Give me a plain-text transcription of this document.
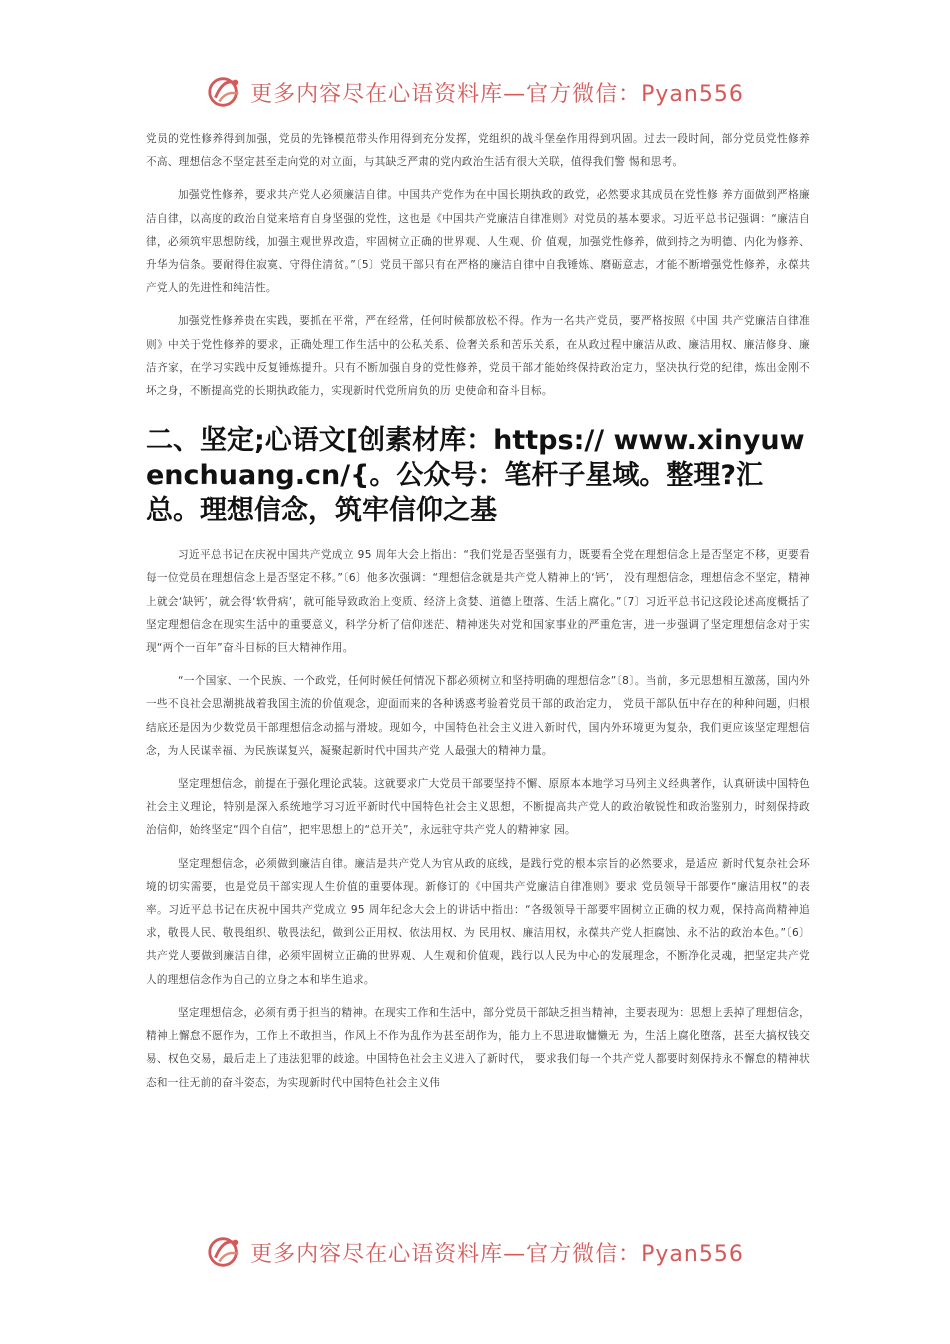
更多内容尽在心语资料库—官方微信：Pyan556

党员的党性修养得到加强，党员的先锋模范带头作用得到充分发挥，党组织的战斗堡垒作用得到巩固。过去一段时间，部分党员党性修养不高、理想信念不坚定甚至走向党的对立面，与其缺乏严肃的党内政治生活有很大关联，值得我们警 惕和思考。

加强党性修养，要求共产党人必须廉洁自律。中国共产党作为在中国长期执政的政党，必然要求其成员在党性修 养方面做到严格廉洁自律，以高度的政治自觉来培育自身坚强的党性，这也是《中国共产党廉洁自律准则》对党员的基本要求。习近平总书记强调：“廉洁自律，必须筑牢思想防线，加强主观世界改造，牢固树立正确的世界观、人生观、价 值观，加强党性修养，做到持之为明德、内化为修养、升华为信条。要耐得住寂寞、守得住清贫。”〔5〕党员干部只有在严格的廉洁自律中自我锤炼、磨砺意志，才能不断增强党性修养，永葆共产党人的先进性和纯洁性。

加强党性修养贵在实践，要抓在平常，严在经常，任何时候都放松不得。作为一名共产党员，要严格按照《中国 共产党廉洁自律准则》中关于党性修养的要求，正确处理工作生活中的公私关系、俭奢关系和苦乐关系，在从政过程中廉洁从政、廉洁用权、廉洁修身、廉洁齐家，在学习实践中反复锤炼提升。只有不断加强自身的党性修养，党员干部才能始终保持政治定力，坚决执行党的纪律，炼出金刚不坏之身，不断提高党的长期执政能力，实现新时代党所肩负的历 史使命和奋斗目标。

二、坚定;心语文[创素材库：https:// www.xinyuwenchuang.cn/{。公众号：笔杆子星域。整理?汇总。理想信念，筑牢信仰之基

习近平总书记在庆祝中国共产党成立 95 周年大会上指出：“我们党是否坚强有力，既要看全党在理想信念上是否坚定不移，更要看每一位党员在理想信念上是否坚定不移。”〔6〕他多次强调：“理想信念就是共产党人精神上的‘钙’， 没有理想信念，理想信念不坚定，精神上就会‘缺钙’，就会得‘软骨病’，就可能导致政治上变质、经济上贪婪、道德上堕落、生活上腐化。”〔7〕习近平总书记这段论述高度概括了坚定理想信念在现实生活中的重要意义，科学分析了信仰迷茫、精神迷失对党和国家事业的严重危害，进一步强调了坚定理想信念对于实现“两个一百年”奋斗目标的巨大精神作用。

“一个国家、一个民族、一个政党，任何时候任何情况下都必须树立和坚持明确的理想信念”〔8〕。当前，多元思想相互激荡，国内外一些不良社会思潮挑战着我国主流的价值观念，迎面而来的各种诱惑考验着党员干部的政治定力， 党员干部队伍中存在的种种问题，归根结底还是因为少数党员干部理想信念动摇与滑坡。现如今，中国特色社会主义进入新时代，国内外环境更为复杂，我们更应该坚定理想信念，为人民谋幸福、为民族谋复兴，凝聚起新时代中国共产党 人最强大的精神力量。

坚定理想信念，前提在于强化理论武装。这就要求广大党员干部要坚持不懈、原原本本地学习马列主义经典著作，认真研读中国特色社会主义理论，特别是深入系统地学习习近平新时代中国特色社会主义思想，不断提高共产党人的政治敏锐性和政治鉴别力，时刻保持政治信仰，始终坚定“四个自信”，把牢思想上的“总开关”，永远驻守共产党人的精神家 园。

坚定理想信念，必须做到廉洁自律。廉洁是共产党人为官从政的底线，是践行党的根本宗旨的必然要求，是适应 新时代复杂社会环境的切实需要，也是党员干部实现人生价值的重要体现。新修订的《中国共产党廉洁自律准则》要求 党员领导干部要作“廉洁用权”的表率。习近平总书记在庆祝中国共产党成立 95 周年纪念大会上的讲话中指出：“各级领导干部要牢固树立正确的权力观，保持高尚精神追求，敬畏人民、敬畏组织、敬畏法纪，做到公正用权、依法用权、为 民用权、廉洁用权，永葆共产党人拒腐蚀、永不沾的政治本色。”〔6〕共产党人要做到廉洁自律，必须牢固树立正确的世界观、人生观和价值观，践行以人民为中心的发展理念，不断净化灵魂，把坚定共产党人的理想信念作为自己的立身之本和毕生追求。

坚定理想信念，必须有勇于担当的精神。在现实工作和生活中，部分党员干部缺乏担当精神，主要表现为：思想上丢掉了理想信念，精神上懈怠不愿作为，工作上不敢担当，作风上不作为乱作为甚至胡作为，能力上不思进取慵懒无 为，生活上腐化堕落，甚至大搞权钱交易、权色交易，最后走上了违法犯罪的歧途。中国特色社会主义进入了新时代， 要求我们每一个共产党人都要时刻保持永不懈怠的精神状态和一往无前的奋斗姿态，为实现新时代中国特色社会主义伟

更多内容尽在心语资料库—官方微信：Pyan556
